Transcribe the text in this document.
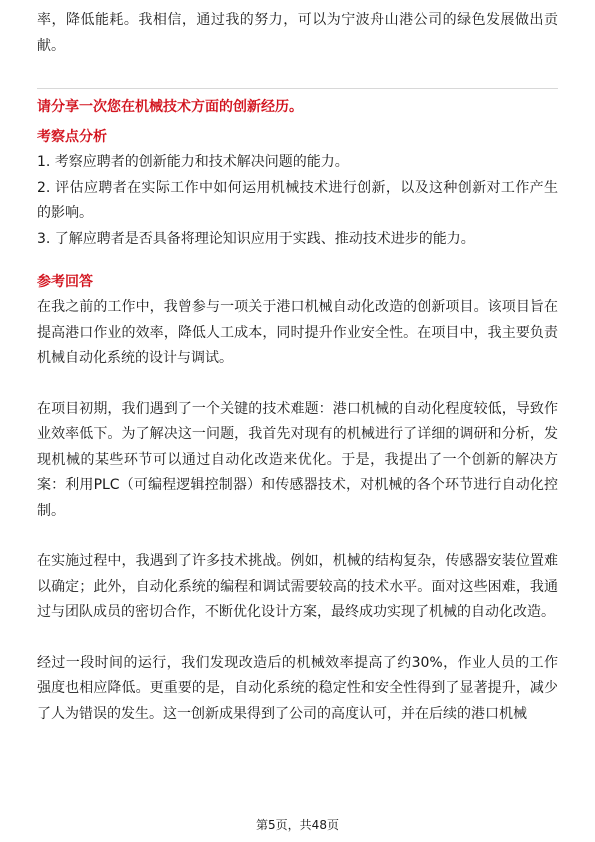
率，降低能耗。我相信，通过我的努力，可以为宁波舟山港公司的绿色发展做出贡献。

请分享一次您在机械技术方面的创新经历。

考察点分析

1. 考察应聘者的创新能力和技术解决问题的能力。

2. 评估应聘者在实际工作中如何运用机械技术进行创新，以及这种创新对工作产生的影响。

3. 了解应聘者是否具备将理论知识应用于实践、推动技术进步的能力。

参考回答

在我之前的工作中，我曾参与一项关于港口机械自动化改造的创新项目。该项目旨在提高港口作业的效率，降低人工成本，同时提升作业安全性。在项目中，我主要负责机械自动化系统的设计与调试。

在项目初期，我们遇到了一个关键的技术难题：港口机械的自动化程度较低，导致作业效率低下。为了解决这一问题，我首先对现有的机械进行了详细的调研和分析，发现机械的某些环节可以通过自动化改造来优化。于是，我提出了一个创新的解决方案：利用PLC（可编程逻辑控制器）和传感器技术，对机械的各个环节进行自动化控制。

在实施过程中，我遇到了许多技术挑战。例如，机械的结构复杂，传感器安装位置难以确定；此外，自动化系统的编程和调试需要较高的技术水平。面对这些困难，我通过与团队成员的密切合作，不断优化设计方案，最终成功实现了机械的自动化改造。

经过一段时间的运行，我们发现改造后的机械效率提高了约30%，作业人员的工作强度也相应降低。更重要的是，自动化系统的稳定性和安全性得到了显著提升，减少了人为错误的发生。这一创新成果得到了公司的高度认可，并在后续的港口机械

第5页，共48页
